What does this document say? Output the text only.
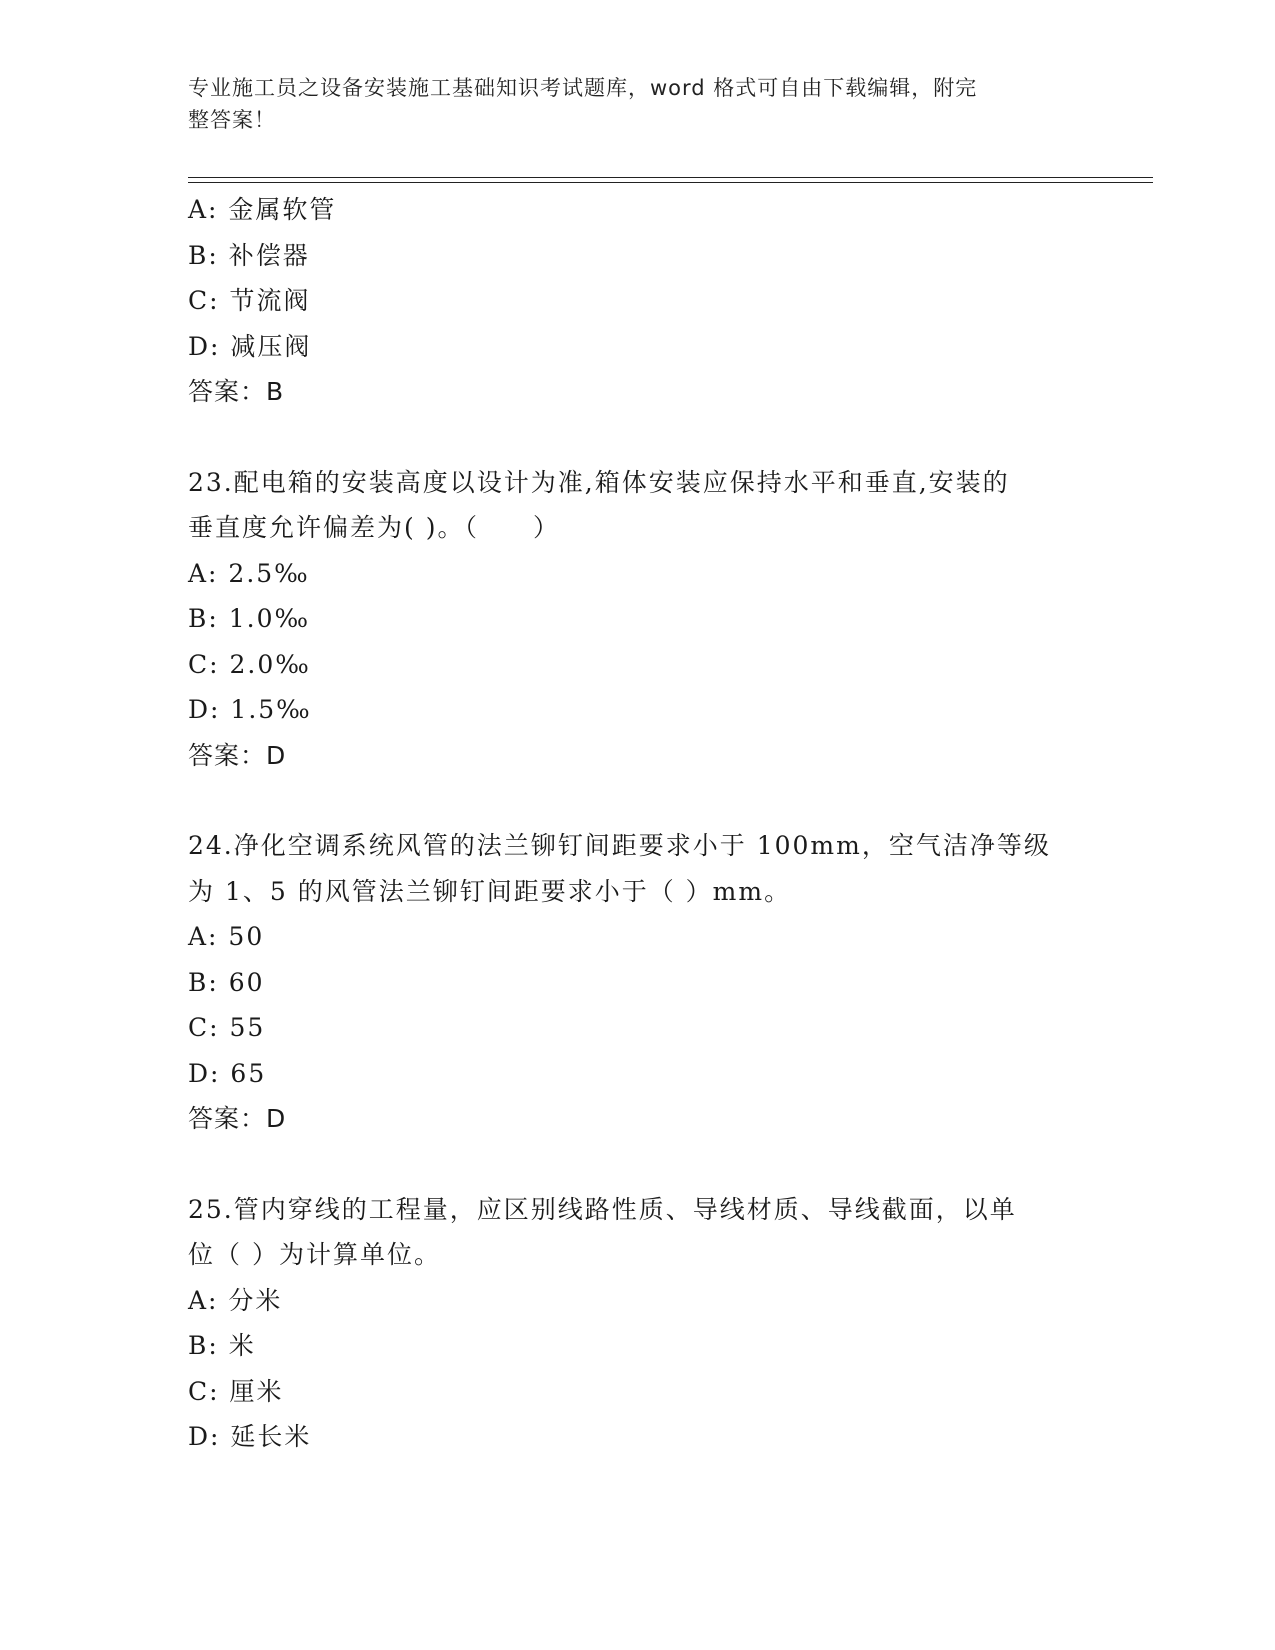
专业施工员之设备安装施工基础知识考试题库，word 格式可自由下载编辑，附完
整答案！
A: 金属软管
B: 补偿器
C: 节流阀
D: 减压阀
答案：B
23.配电箱的安装高度以设计为准,箱体安装应保持水平和垂直,安装的
垂直度允许偏差为( )。（　　）
A: 2.5‰
B: 1.0‰
C: 2.0‰
D: 1.5‰
答案：D
24.净化空调系统风管的法兰铆钉间距要求小于 100mm，空气洁净等级
为 1、5 的风管法兰铆钉间距要求小于（ ）mm。
A: 50
B: 60
C: 55
D: 65
答案：D
25.管内穿线的工程量，应区别线路性质、导线材质、导线截面，以单
位（ ）为计算单位。
A: 分米
B: 米
C: 厘米
D: 延长米
